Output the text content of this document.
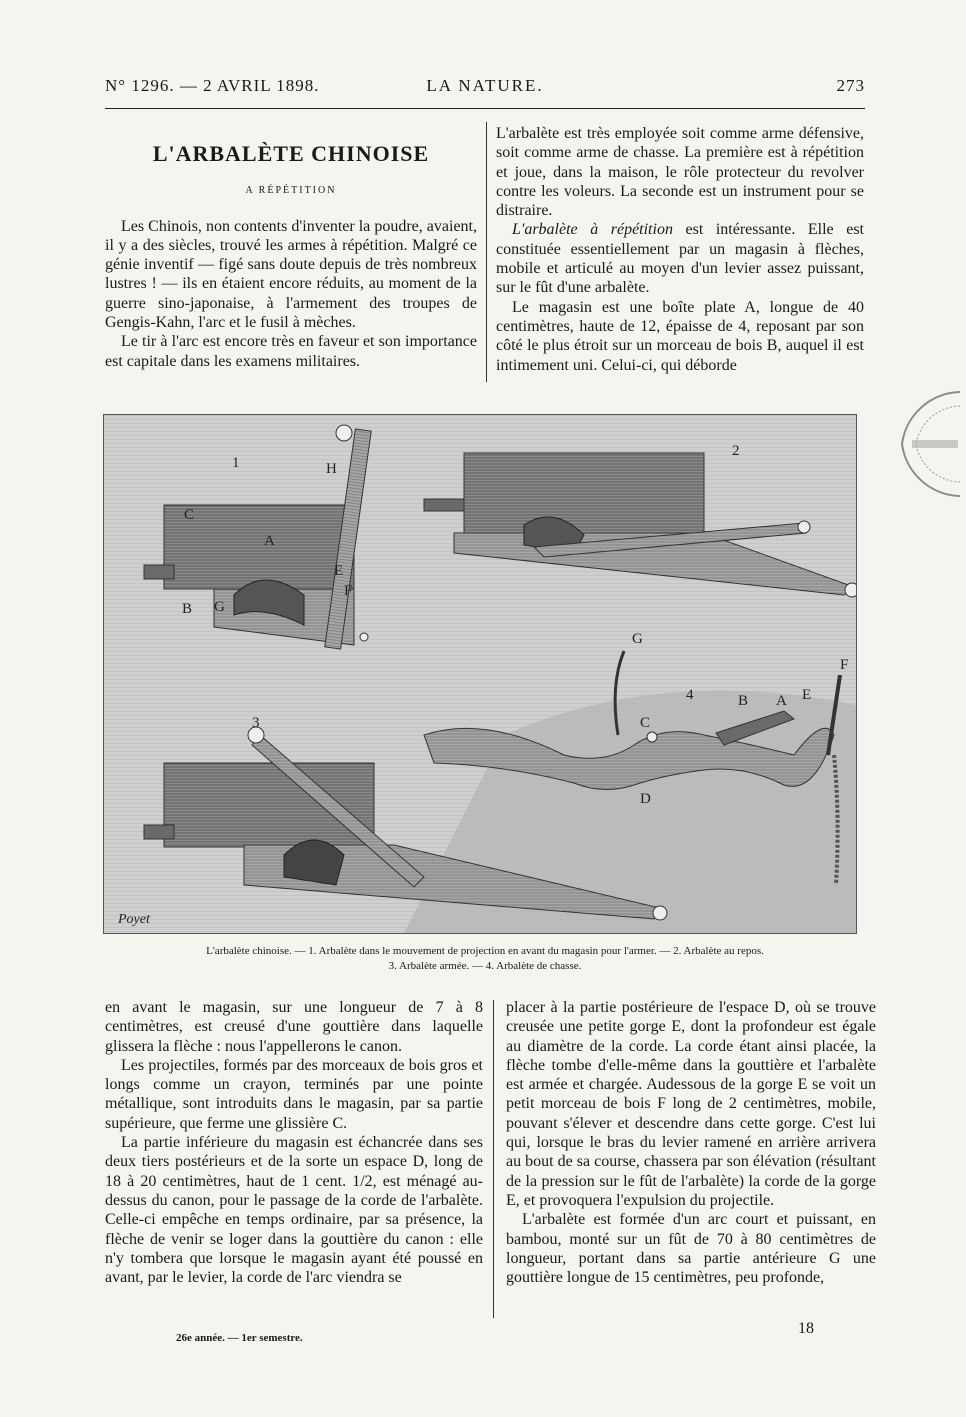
N° 1296. — 2 AVRIL 1898.	LA NATURE.	273
L'ARBALÈTE CHINOISE
A RÉPÉTITION

Les Chinois, non contents d'inventer la poudre, avaient, il y a des siècles, trouvé les armes à répétition. Malgré ce génie inventif — figé sans doute depuis de très nombreux lustres ! — ils en étaient encore réduits, au moment de la guerre sino-japonaise, à l'armement des troupes de Gengis-Kahn, l'arc et le fusil à mèches.

Le tir à l'arc est encore très en faveur et son importance est capitale dans les examens militaires.

L'arbalète est très employée soit comme arme défensive, soit comme arme de chasse. La première est à répétition et joue, dans la maison, le rôle protecteur du revolver contre les voleurs. La seconde est un instrument pour se distraire.

L'arbalète à répétition est intéressante. Elle est constituée essentiellement par un magasin à flèches, mobile et articulé au moyen d'un levier assez puissant, sur le fût d'une arbalète.

Le magasin est une boîte plate A, longue de 40 centimètres, haute de 12, épaisse de 4, reposant par son côté le plus étroit sur un morceau de bois B, auquel il est intimement uni. Celui-ci, qui déborde

1	H
C
A
B G
E
F
2
3
G
4
C
D
B A E
F
Poyet
L'arbalète chinoise. — 1. Arbalète dans le mouvement de projection en avant du magasin pour l'armer. — 2. Arbalète au repos.
3. Arbalète armée. — 4. Arbalète de chasse.

en avant le magasin, sur une longueur de 7 à 8 centimètres, est creusé d'une gouttière dans laquelle glissera la flèche : nous l'appellerons le canon.

Les projectiles, formés par des morceaux de bois gros et longs comme un crayon, terminés par une pointe métallique, sont introduits dans le magasin, par sa partie supérieure, que ferme une glissière C.

La partie inférieure du magasin est échancrée dans ses deux tiers postérieurs et de la sorte un espace D, long de 18 à 20 centimètres, haut de 1 cent. 1/2, est ménagé au-dessus du canon, pour le passage de la corde de l'arbalète. Celle-ci empêche en temps ordinaire, par sa présence, la flèche de venir se loger dans la gouttière du canon : elle n'y tombera que lorsque le magasin ayant été poussé en avant, par le levier, la corde de l'arc viendra se

placer à la partie postérieure de l'espace D, où se trouve creusée une petite gorge E, dont la profondeur est égale au diamètre de la corde. La corde étant ainsi placée, la flèche tombe d'elle-même dans la gouttière et l'arbalète est armée et chargée. Audessous de la gorge E se voit un petit morceau de bois F long de 2 centimètres, mobile, pouvant s'élever et descendre dans cette gorge. C'est lui qui, lorsque le bras du levier ramené en arrière arrivera au bout de sa course, chassera par son élévation (résultant de la pression sur le fût de l'arbalète) la corde de la gorge E, et provoquera l'expulsion du projectile.

L'arbalète est formée d'un arc court et puissant, en bambou, monté sur un fût de 70 à 80 centimètres de longueur, portant dans sa partie antérieure G une gouttière longue de 15 centimètres, peu profonde,

26e année. — 1er semestre.
18
